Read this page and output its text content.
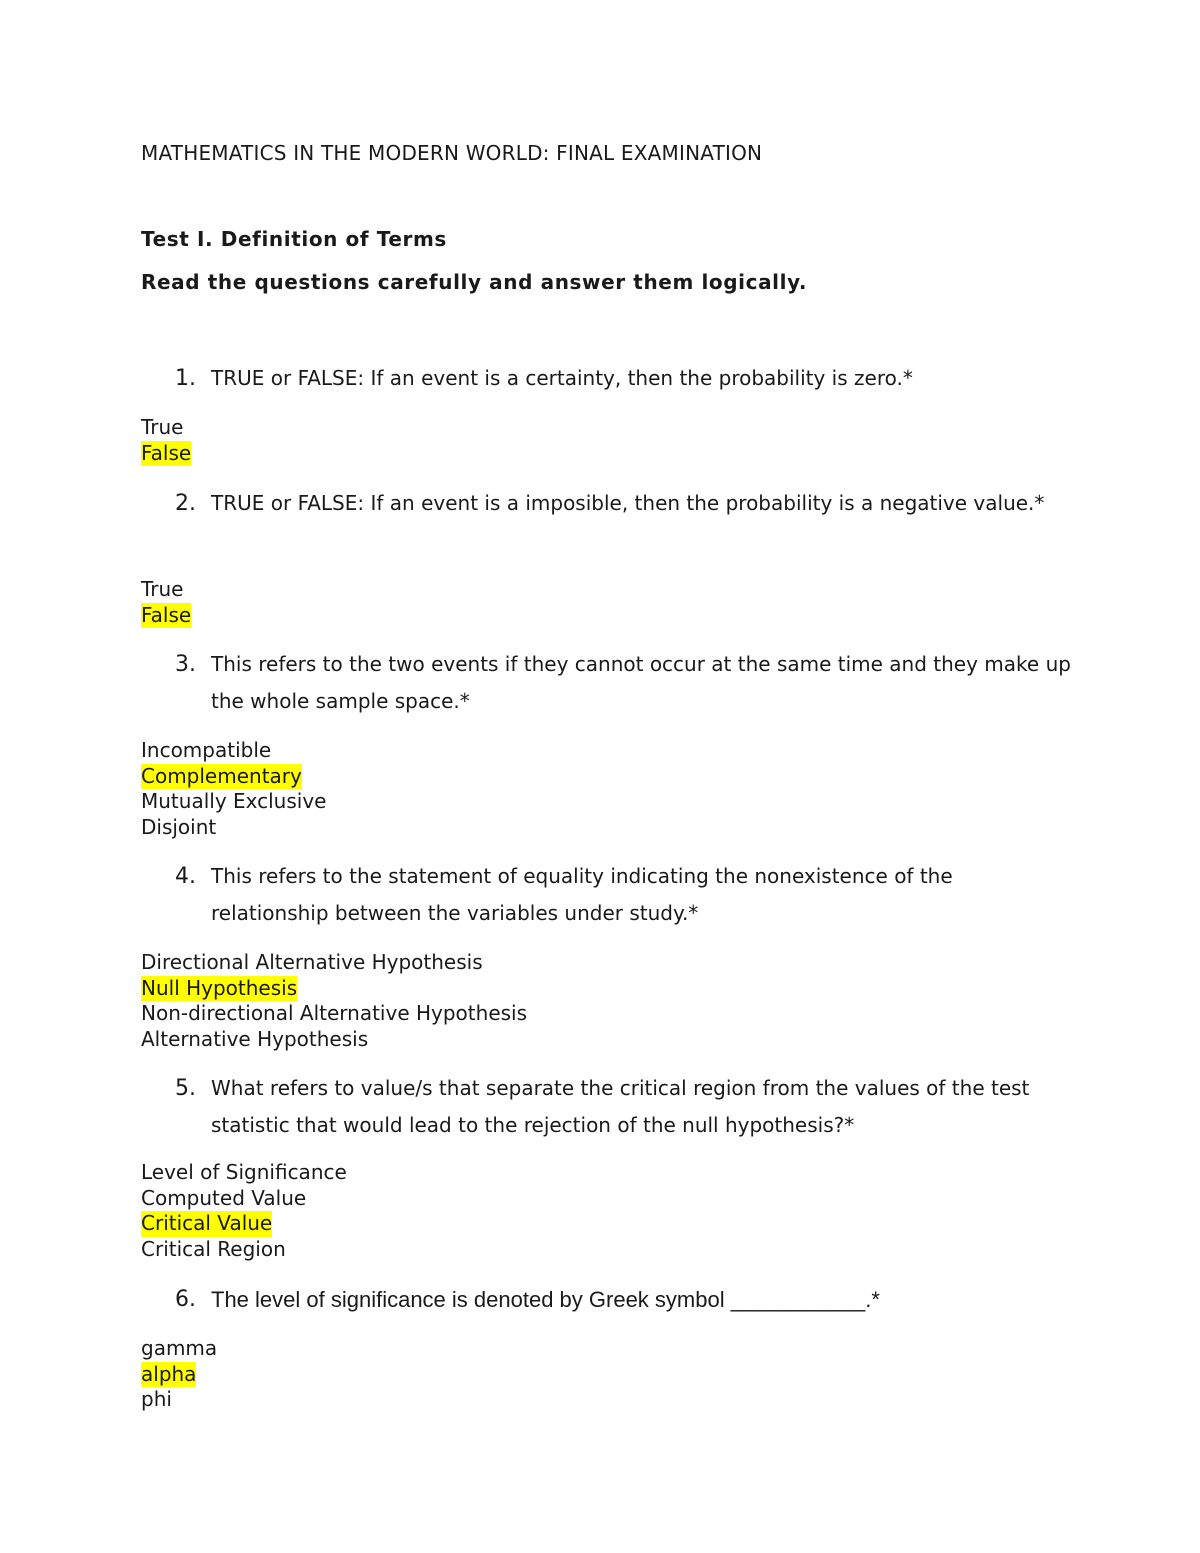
MATHEMATICS IN THE MODERN WORLD: FINAL EXAMINATION
Test I. Definition of Terms
Read the questions carefully and answer them logically.
1. TRUE or FALSE: If an event is a certainty, then the probability is zero.*
True
False
2. TRUE or FALSE: If an event is a imposible, then the probability is a negative value.*
True
False
3. This refers to the two events if they cannot occur at the same time and they make up the whole sample space.*
Incompatible
Complementary
Mutually Exclusive
Disjoint
4. This refers to the statement of equality indicating the nonexistence of the relationship between the variables under study.*
Directional Alternative Hypothesis
Null Hypothesis
Non-directional Alternative Hypothesis
Alternative Hypothesis
5. What refers to value/s that separate the critical region from the values of the test statistic that would lead to the rejection of the null hypothesis?*
Level of Significance
Computed Value
Critical Value
Critical Region
6. The level of significance is denoted by Greek symbol ___________.*
gamma
alpha
phi
